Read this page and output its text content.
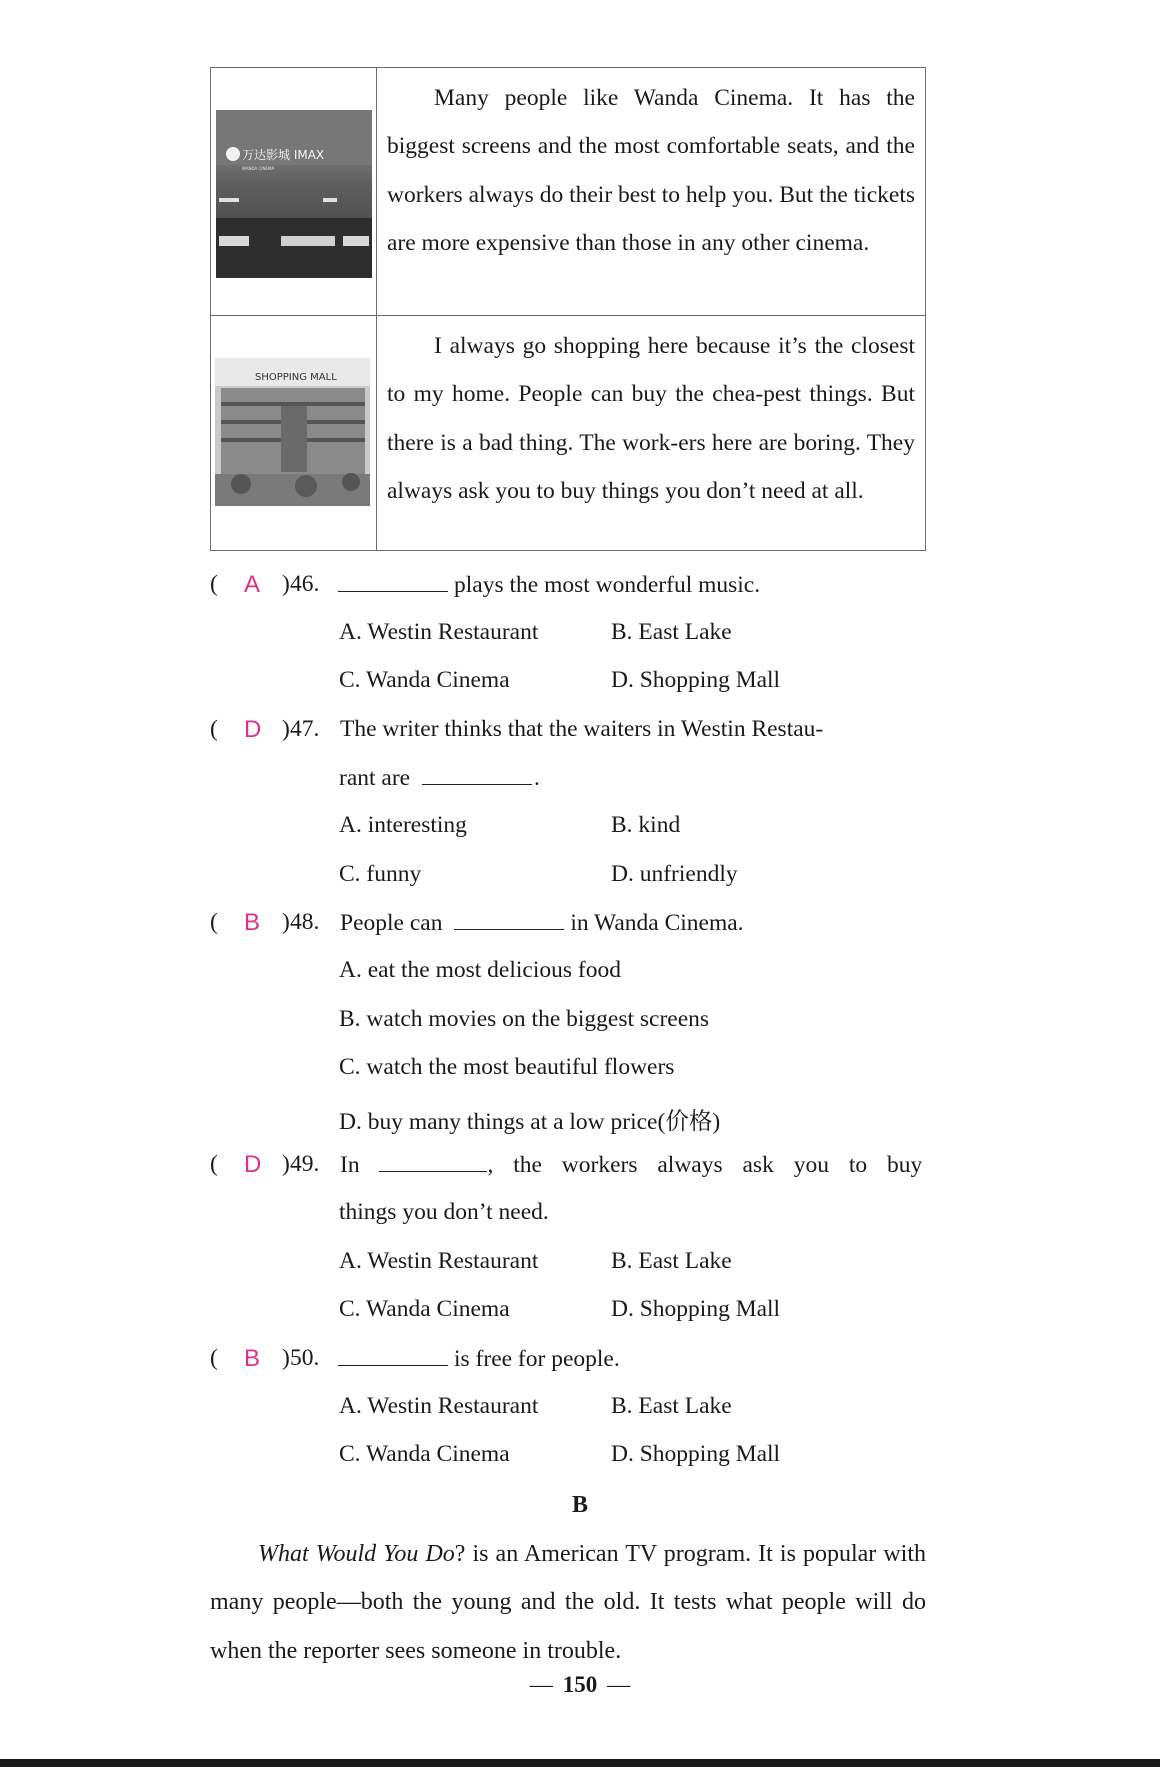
万达影城 IMAX
WANDA CINEMA

Many people like Wanda Cinema. It has the biggest screens and the most comfortable seats, and the workers always do their best to help you. But the tickets are more expensive than those in any other cinema.

SHOPPING MALL

I always go shopping here because it’s the closest to my home. People can buy the chea-pest things. But there is a bad thing. The work-ers here are boring. They always ask you to buy things you don’t need at all.

( A ) 46.	plays the most wonderful music.
A. Westin Restaurant	B. East Lake
C. Wanda Cinema	D. Shopping Mall
( D ) 47. The writer thinks that the waiters in Westin Restau-
rant are	.
A. interesting	B. kind
C. funny	D. unfriendly
( B ) 48. People can	in Wanda Cinema.
A. eat the most delicious food
B. watch movies on the biggest screens
C. watch the most beautiful flowers
D. buy many things at a low price(价格)
( D ) 49. In	, the workers always ask you to buy
things you don’t need.
A. Westin Restaurant	B. East Lake
C. Wanda Cinema	D. Shopping Mall
( B ) 50.	is free for people.
A. Westin Restaurant	B. East Lake
C. Wanda Cinema	D. Shopping Mall
B
What Would You Do? is an American TV program. It is popular with many people—both the young and the old. It tests what people will do when the reporter sees someone in trouble.
— 150 —
